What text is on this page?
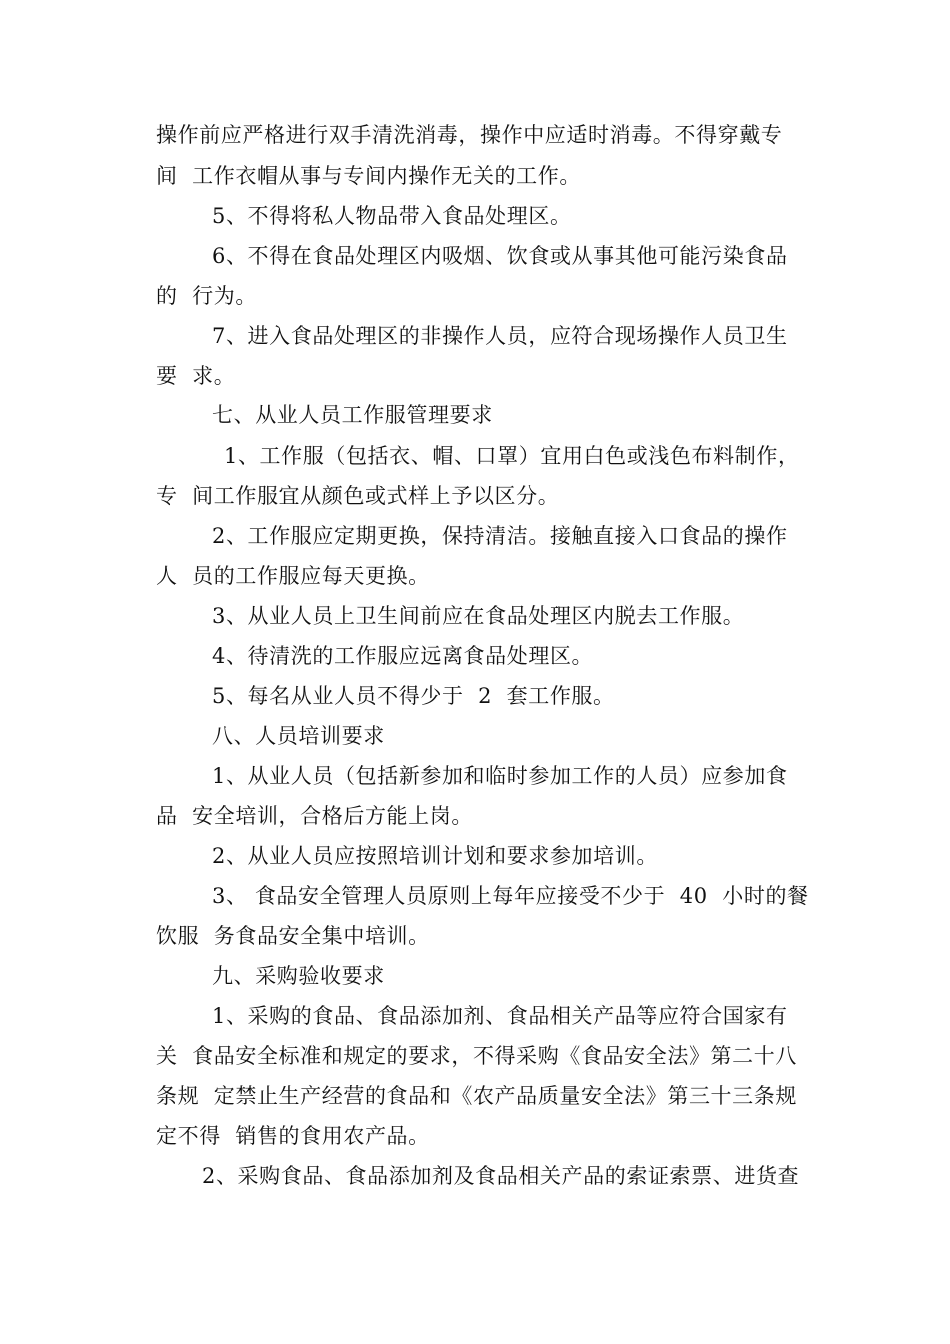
操作前应严格进行双手清洗消毒，操作中应适时消毒。不得穿戴专
间  工作衣帽从事与专间内操作无关的工作。
5、不得将私人物品带入食品处理区。
6、不得在食品处理区内吸烟、饮食或从事其他可能污染食品
的  行为。
7、进入食品处理区的非操作人员，应符合现场操作人员卫生
要  求。
七、从业人员工作服管理要求
1、工作服（包括衣、帽、口罩）宜用白色或浅色布料制作，
专  间工作服宜从颜色或式样上予以区分。
2、工作服应定期更换，保持清洁。接触直接入口食品的操作
人  员的工作服应每天更换。
3、从业人员上卫生间前应在食品处理区内脱去工作服。
4、待清洗的工作服应远离食品处理区。
5、每名从业人员不得少于  2  套工作服。
八、人员培训要求
1、从业人员（包括新参加和临时参加工作的人员）应参加食
品  安全培训，合格后方能上岗。
2、从业人员应按照培训计划和要求参加培训。
3、 食品安全管理人员原则上每年应接受不少于  40  小时的餐
饮服  务食品安全集中培训。
九、采购验收要求
1、采购的食品、食品添加剂、食品相关产品等应符合国家有
关  食品安全标准和规定的要求，不得采购《食品安全法》第二十八
条规  定禁止生产经营的食品和《农产品质量安全法》第三十三条规
定不得  销售的食用农产品。
2、采购食品、食品添加剂及食品相关产品的索证索票、进货查
